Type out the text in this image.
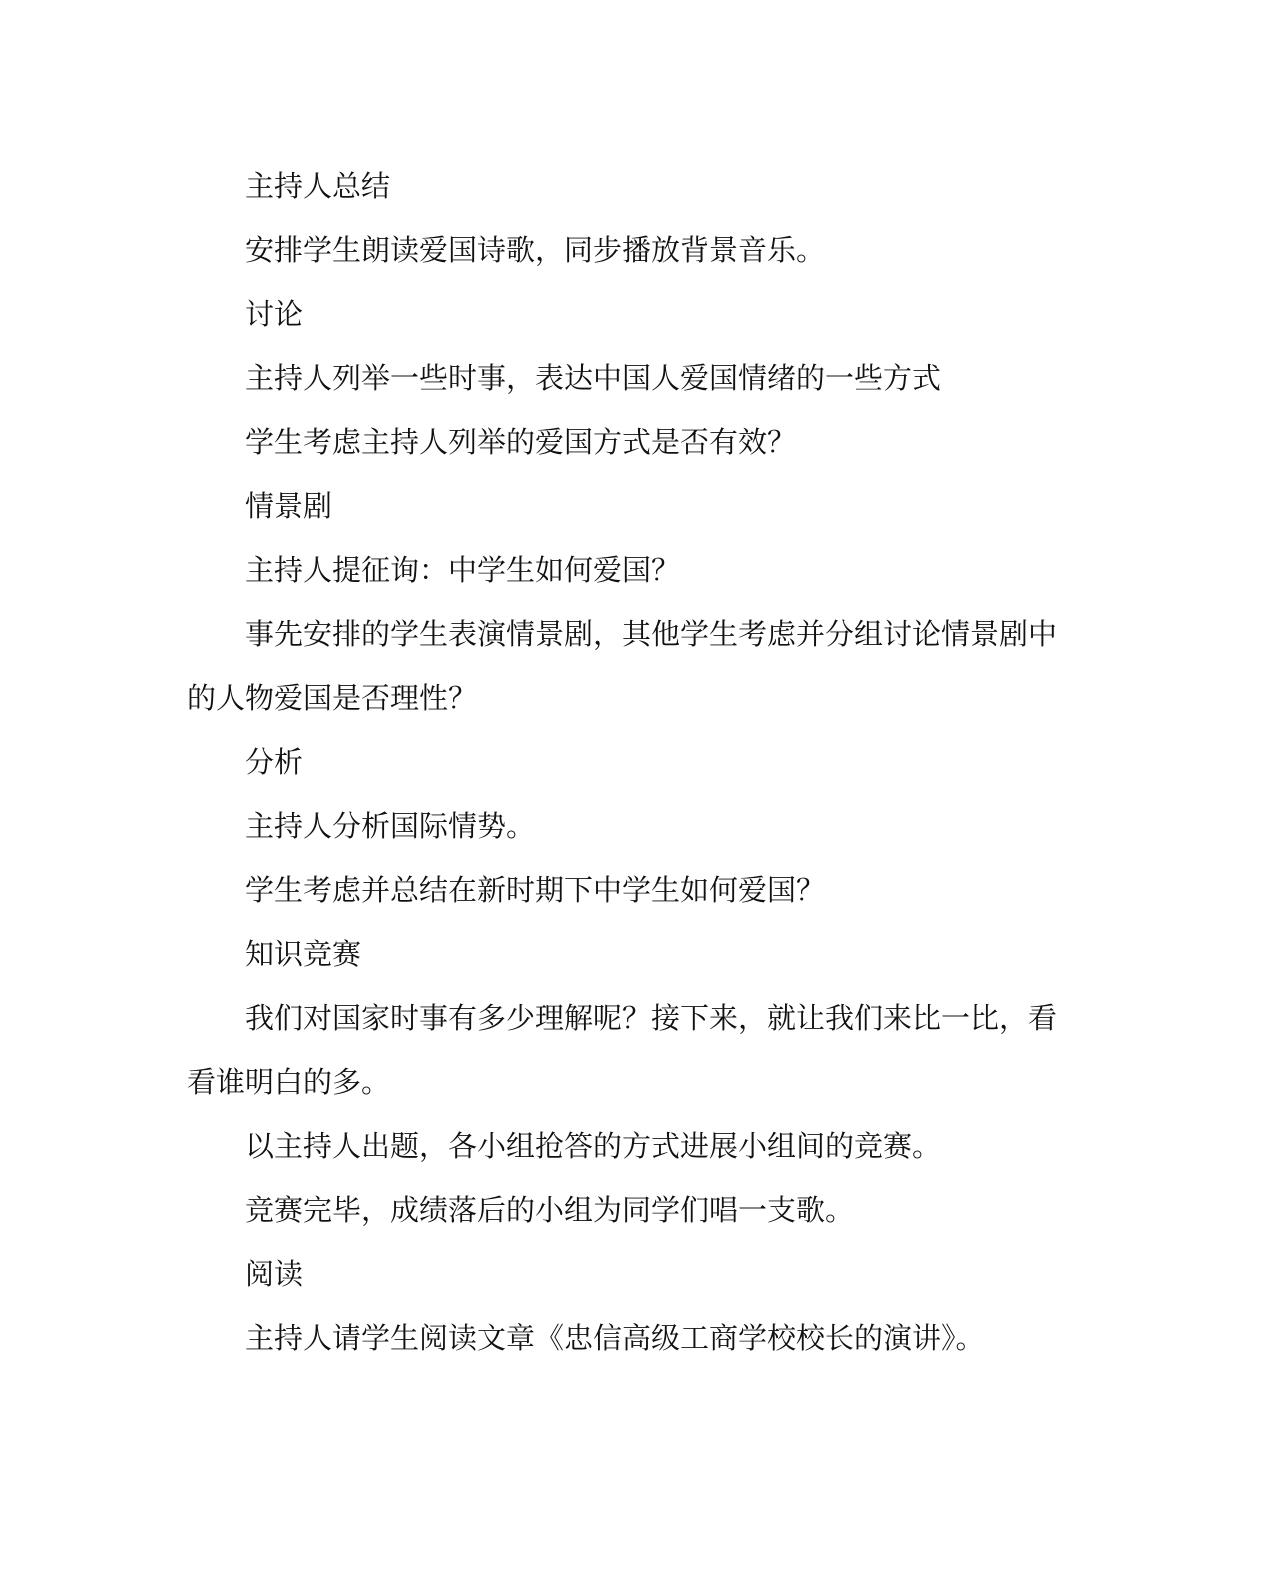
主持人总结

安排学生朗读爱国诗歌，同步播放背景音乐。

讨论

主持人列举一些时事，表达中国人爱国情绪的一些方式

学生考虑主持人列举的爱国方式是否有效？

情景剧

主持人提征询：中学生如何爱国？

事先安排的学生表演情景剧，其他学生考虑并分组讨论情景剧中的人物爱国是否理性？

分析

主持人分析国际情势。

学生考虑并总结在新时期下中学生如何爱国？

知识竞赛

我们对国家时事有多少理解呢？接下来，就让我们来比一比，看看谁明白的多。

以主持人出题，各小组抢答的方式进展小组间的竞赛。

竞赛完毕，成绩落后的小组为同学们唱一支歌。

阅读

主持人请学生阅读文章《忠信高级工商学校校长的演讲》。
